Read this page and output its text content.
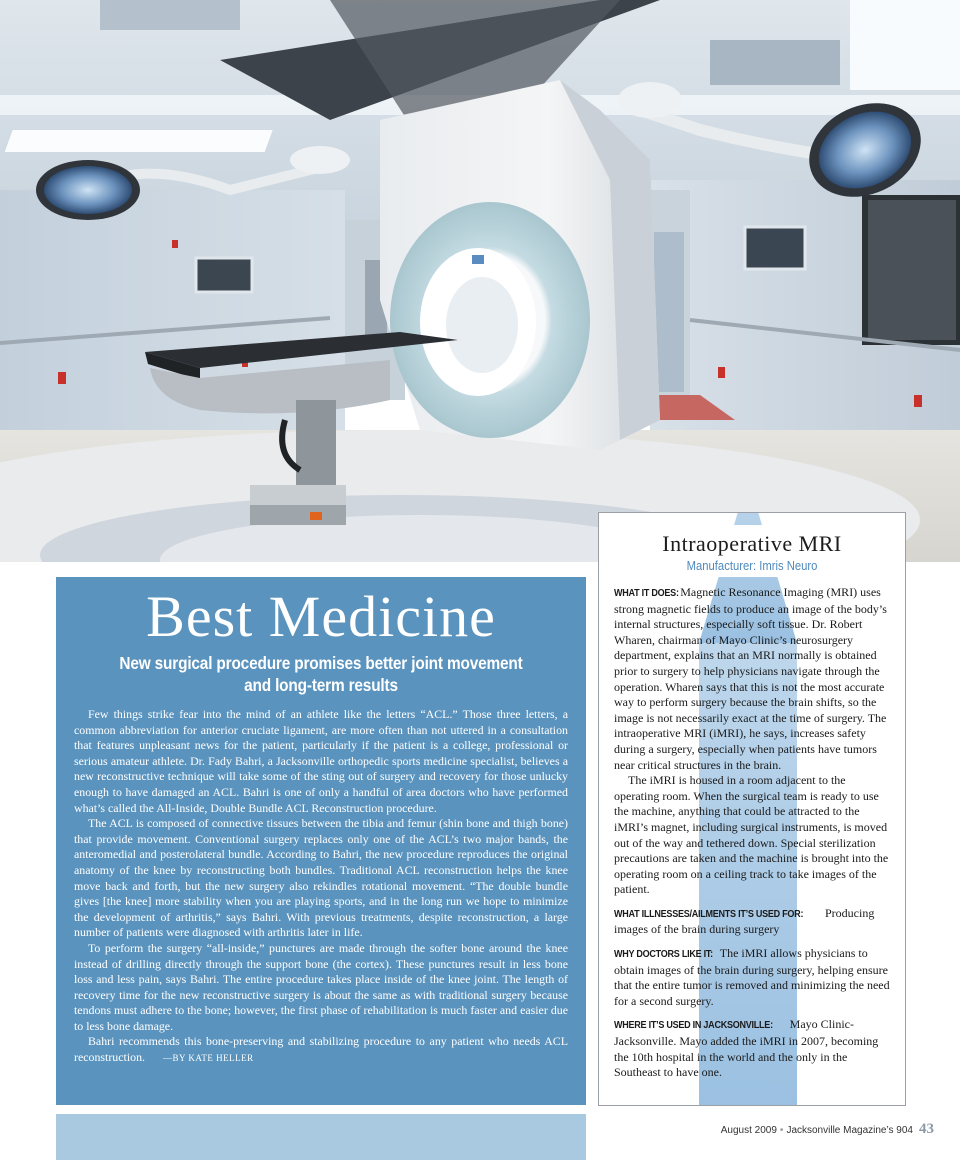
Best Medicine
New surgical procedure promises better joint movement and long-term results

Few things strike fear into the mind of an athlete like the letters “ACL.” Those three letters, a common abbreviation for anterior cruciate ligament, are more often than not uttered in a consultation that features unpleasant news for the patient, particularly if the patient is a college, professional or serious amateur athlete. Dr. Fady Bahri, a Jacksonville orthopedic sports medicine specialist, believes a new reconstructive technique will take some of the sting out of surgery and recovery for those unlucky enough to have damaged an ACL. Bahri is one of only a handful of area doctors who have performed what’s called the All-Inside, Double Bundle ACL Reconstruction procedure.

The ACL is composed of connective tissues between the tibia and femur (shin bone and thigh bone) that provide movement. Conventional surgery replaces only one of the ACL’s two major bands, the anteromedial and posterolateral bundle. According to Bahri, the new procedure reproduces the original anatomy of the knee by reconstructing both bundles. Traditional ACL reconstruction helps the knee move back and forth, but the new surgery also rekindles rotational movement. “The double bundle gives [the knee] more stability when you are playing sports, and in the long run we hope to minimize the development of arthritis,” says Bahri. With previous treatments, despite reconstruction, a large number of patients were diagnosed with arthritis later in life.

To perform the surgery “all-inside,” punctures are made through the softer bone around the knee instead of drilling directly through the support bone (the cortex). These punctures result in less bone loss and less pain, says Bahri. The entire procedure takes place inside of the knee joint. The length of recovery time for the new reconstructive surgery is about the same as with traditional surgery because tendons must adhere to the bone; however, the first phase of rehabilitation is much faster and easier due to less bone damage.

Bahri recommends this bone-preserving and stabilizing procedure to any patient who needs ACL reconstruction. —BY KATE HELLER

Intraoperative MRI
Manufacturer: Imris Neuro

WHAT IT DOES: Magnetic Resonance Imaging (MRI) uses strong magnetic fields to produce an image of the body’s internal structures, especially soft tissue. Dr. Robert Wharen, chairman of Mayo Clinic’s neurosurgery department, explains that an MRI normally is obtained prior to surgery to help physicians navigate through the operation. Wharen says that this is not the most accurate way to perform surgery because the brain shifts, so the image is not necessarily exact at the time of surgery. The intraoperative MRI (iMRI), he says, increases safety during a surgery, especially when patients have tumors near critical structures in the brain.

The iMRI is housed in a room adjacent to the operating room. When the surgical team is ready to use the machine, anything that could be attracted to the iMRI’s magnet, including surgical instruments, is moved out of the way and tethered down. Special sterilization precautions are taken and the machine is brought into the operating room on a ceiling track to take images of the patient.

WHAT ILLNESSES/AILMENTS IT’S USED FOR: Producing images of the brain during surgery

WHY DOCTORS LIKE IT: The iMRI allows physicians to obtain images of the brain during surgery, helping ensure that the entire tumor is removed and minimizing the need for a second surgery.

WHERE IT’S USED IN JACKSONVILLE: Mayo Clinic-Jacksonville. Mayo added the iMRI in 2007, becoming the 10th hospital in the world and the only in the Southeast to have one.

August 2009 • Jacksonville Magazine’s 904 43
